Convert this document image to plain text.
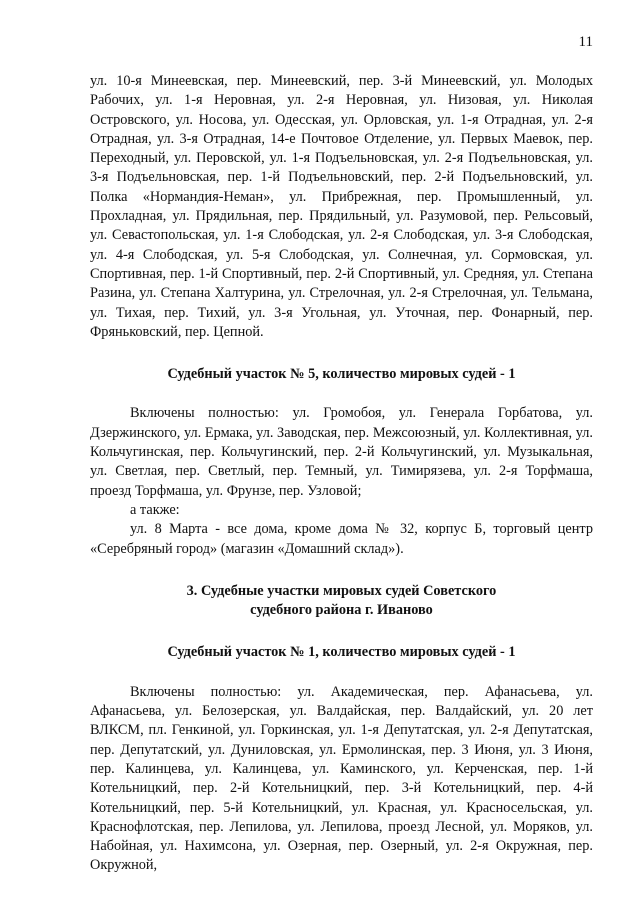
11

ул. 10-я Минеевская, пер. Минеевский, пер. 3-й Минеевский, ул. Молодых Рабочих, ул. 1-я Неровная, ул. 2-я Неровная, ул. Низовая, ул. Николая Островского, ул. Носова, ул. Одесская, ул. Орловская, ул. 1-я Отрадная, ул. 2-я Отрадная, ул. 3-я Отрадная, 14-е Почтовое Отделение, ул. Первых Маевок, пер. Переходный, ул. Перовской, ул. 1-я Подъельновская, ул. 2-я Подъельновская, ул. 3-я Подъельновская, пер. 1-й Подъельновский, пер. 2-й Подъельновский, ул. Полка «Нормандия-Неман», ул. Прибрежная, пер. Промышленный, ул. Прохладная, ул. Прядильная, пер. Прядильный, ул. Разумовой, пер. Рельсовый, ул. Севастопольская, ул. 1-я Слободская, ул. 2-я Слободская, ул. 3-я Слободская, ул. 4-я Слободская, ул. 5-я Слободская, ул. Солнечная, ул. Сормовская, ул. Спортивная, пер. 1-й Спортивный, пер. 2-й Спортивный, ул. Средняя, ул. Степана Разина, ул. Степана Халтурина, ул. Стрелочная, ул. 2-я Стрелочная, ул. Тельмана, ул. Тихая, пер. Тихий, ул. 3-я Угольная, ул. Уточная, пер. Фонарный, пер. Фряньковский, пер. Цепной.

Судебный участок № 5, количество мировых судей - 1

Включены полностью: ул. Громобоя, ул. Генерала Горбатова, ул. Дзержинского, ул. Ермака, ул. Заводская, пер. Межсоюзный, ул. Коллективная, ул. Кольчугинская, пер. Кольчугинский, пер. 2-й Кольчугинский, ул. Музыкальная, ул. Светлая, пер. Светлый, пер. Темный, ул. Тимирязева, ул. 2-я Торфмаша, проезд Торфмаша, ул. Фрунзе, пер. Узловой;

а также:

ул. 8 Марта - все дома, кроме дома № 32, корпус Б, торговый центр «Серебряный город» (магазин «Домашний склад»).

3. Судебные участки мировых судей Советского

судебного района г. Иваново

Судебный участок № 1, количество мировых судей - 1

Включены полностью: ул. Академическая, пер. Афанасьева, ул. Афанасьева, ул. Белозерская, ул. Валдайская, пер. Валдайский, ул. 20 лет ВЛКСМ, пл. Генкиной, ул. Горкинская, ул. 1-я Депутатская, ул. 2-я Депутатская, пер. Депутатский, ул. Дуниловская, ул. Ермолинская, пер. 3 Июня, ул. 3 Июня, пер. Калинцева, ул. Калинцева, ул. Каминского, ул. Керченская, пер. 1-й Котельницкий, пер. 2-й Котельницкий, пер. 3-й Котельницкий, пер. 4-й Котельницкий, пер. 5-й Котельницкий, ул. Красная, ул. Красносельская, ул. Краснофлотская, пер. Лепилова, ул. Лепилова, проезд Лесной, ул. Моряков, ул. Набойная, ул. Нахимсона, ул. Озерная, пер. Озерный, ул. 2-я Окружная, пер. Окружной,
